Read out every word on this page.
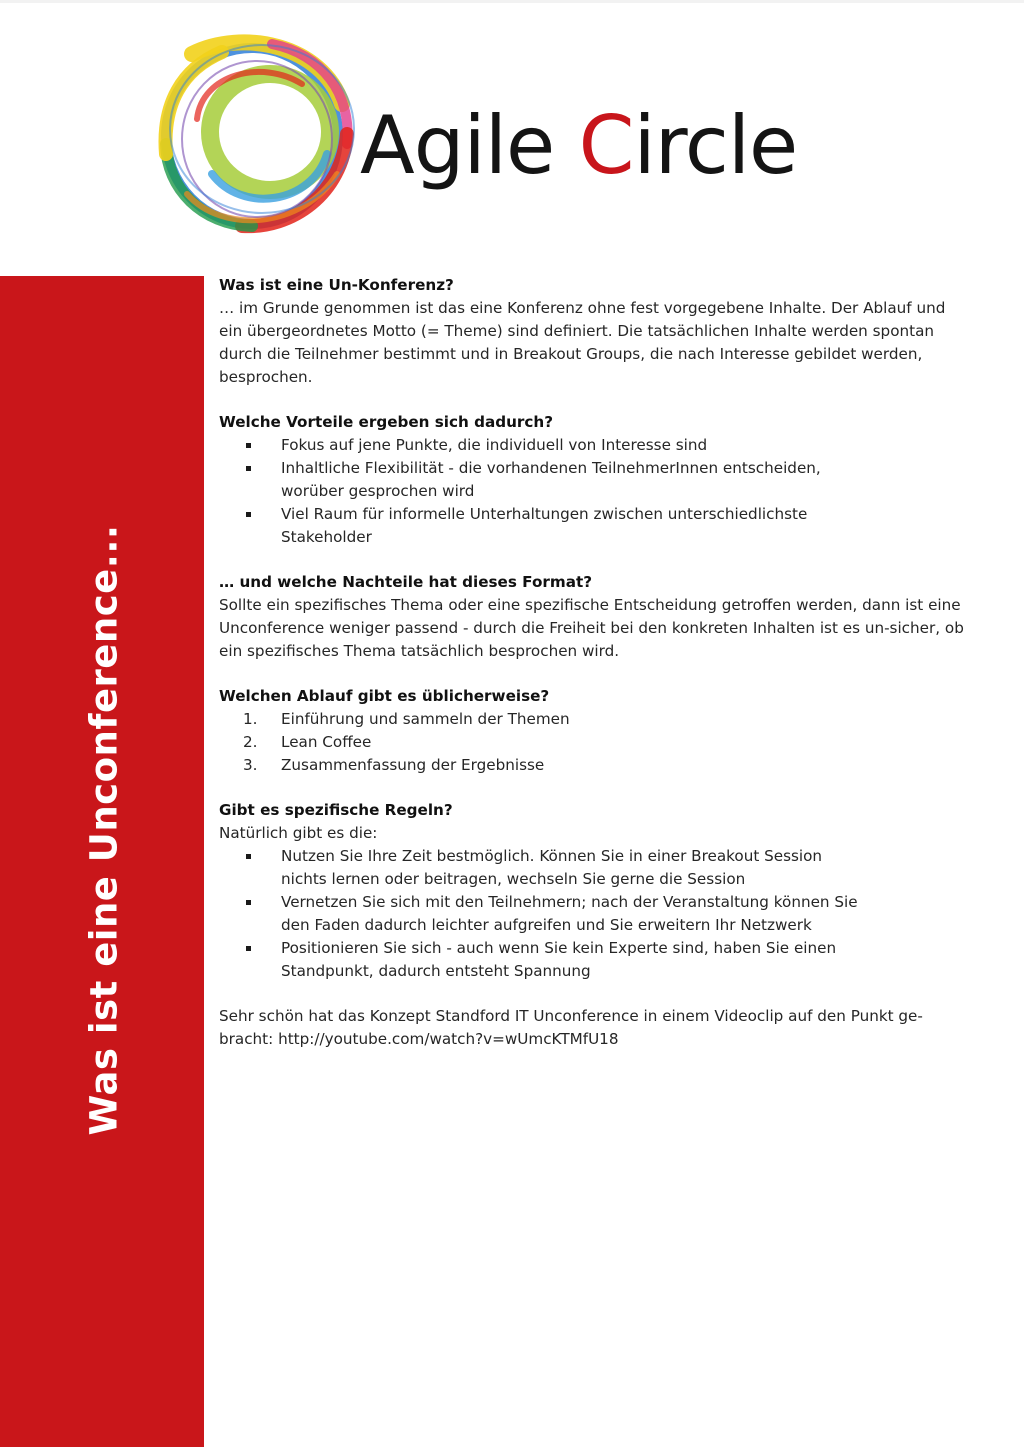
Agile Circle
Was ist eine Unconference...
Was ist eine Un-Konferenz?

… im Grunde genommen ist das eine Konferenz ohne fest vorgegebene Inhalte. Der Ablauf und ein übergeordnetes Motto (= Theme) sind definiert. Die tatsächlichen Inhalte werden spontan durch die Teilnehmer bestimmt und in Breakout Groups, die nach Interesse gebildet werden, besprochen.

Welche Vorteile ergeben sich dadurch?
Fokus auf jene Punkte, die individuell von Interesse sind
Inhaltliche Flexibilität - die vorhandenen TeilnehmerInnen entscheiden, worüber gesprochen wird
Viel Raum für informelle Unterhaltungen zwischen unterschiedlichste Stakeholder
… und welche Nachteile hat dieses Format?

Sollte ein spezifisches Thema oder eine spezifische Entscheidung getroffen werden, dann ist eine Unconference weniger passend - durch die Freiheit bei den konkreten Inhalten ist es un-sicher, ob ein spezifisches Thema tatsächlich besprochen wird.

Welchen Ablauf gibt es üblicherweise?
1. Einführung und sammeln der Themen
2. Lean Coffee
3. Zusammenfassung der Ergebnisse
Gibt es spezifische Regeln?

Natürlich gibt es die:

Nutzen Sie Ihre Zeit bestmöglich. Können Sie in einer Breakout Session nichts lernen oder beitragen, wechseln Sie gerne die Session
Vernetzen Sie sich mit den Teilnehmern; nach der Veranstaltung können Sie den Faden dadurch leichter aufgreifen und Sie erweitern Ihr Netzwerk
Positionieren Sie sich - auch wenn Sie kein Experte sind, haben Sie einen Standpunkt, dadurch entsteht Spannung

Sehr schön hat das Konzept Standford IT Unconference in einem Videoclip auf den Punkt ge-bracht: http://youtube.com/watch?v=wUmcKTMfU18
